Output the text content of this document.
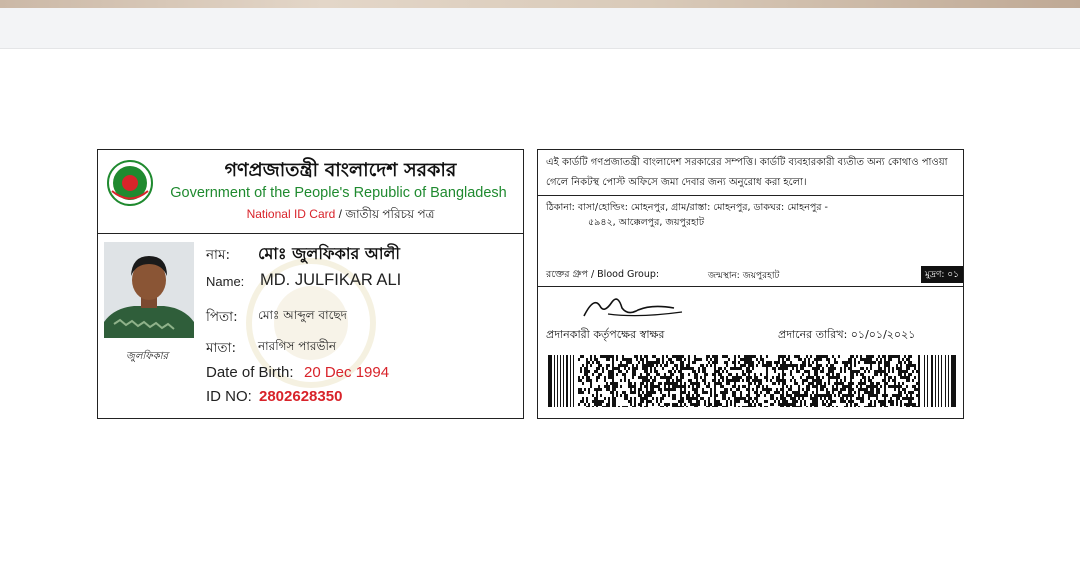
গণপ্রজাতন্ত্রী বাংলাদেশ সরকার
Government of the People's Republic of Bangladesh
National ID Card / জাতীয় পরিচয় পত্র
জুলফিকার
নাম: মোঃ জুলফিকার আলী
Name: MD. JULFIKAR ALI
পিতা: মোঃ আব্দুল বাছেদ
মাতা: নারগিস পারভীন
Date of Birth: 20 Dec 1994
ID NO: 2802628350
এই কার্ডটি গণপ্রজাতন্ত্রী বাংলাদেশ সরকারের সম্পত্তি। কার্ডটি ব্যবহারকারী ব্যতীত অন্য কোথাও পাওয়া গেলে নিকটস্থ পোস্ট অফিসে জমা দেবার জন্য অনুরোধ করা হলো।
ঠিকানা: বাসা/হোল্ডিং: মোহনপুর, গ্রাম/রাস্তা: মোহনপুর, ডাকঘর: মোহনপুর -
৫৯৪২, আক্কেলপুর, জয়পুরহাট
রক্তের গ্রুপ / Blood Group:	জন্মস্থান: জয়পুরহাট	মুদ্রণ: ০১
প্রদানকারী কর্তৃপক্ষের স্বাক্ষর	প্রদানের তারিখ: ০১/০১/২০২১
